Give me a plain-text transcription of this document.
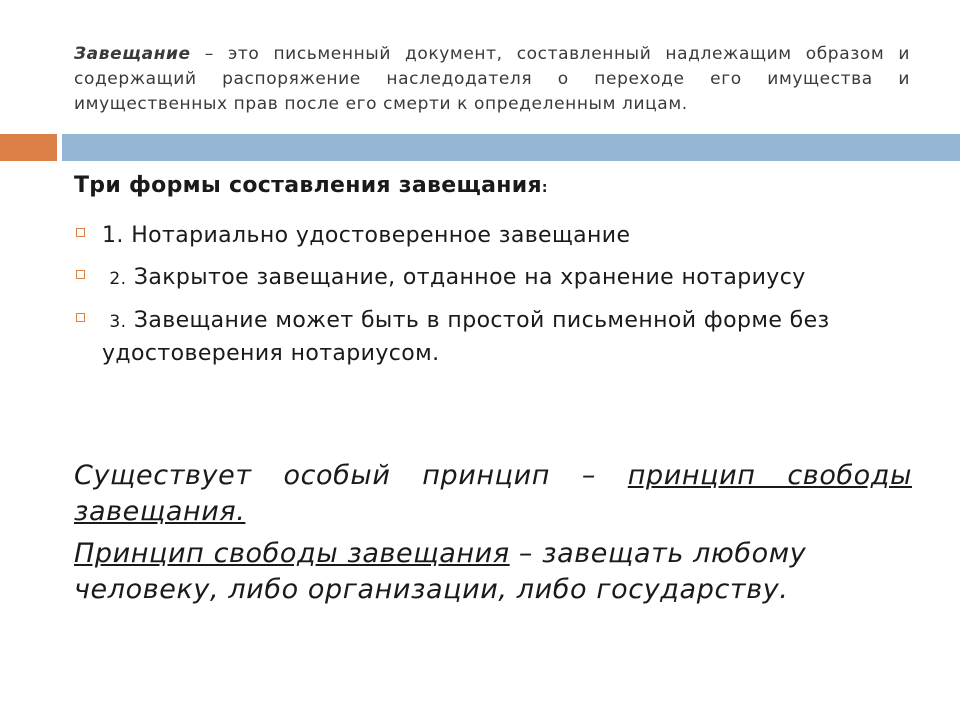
Завещание – это письменный документ, составленный надлежащим образом и содержащий распоряжение наследодателя о переходе его имущества и имущественных прав после его смерти к определенным лицам.
Три формы составления завещания:
1. Нотариально удостоверенное завещание
2. Закрытое завещание, отданное на хранение нотариусу
3. Завещание может быть в простой письменной форме без удостоверения нотариусом.
Существует особый принцип – принцип свободы завещания.
Принцип свободы завещания – завещать любому человеку, либо организации, либо государству.
